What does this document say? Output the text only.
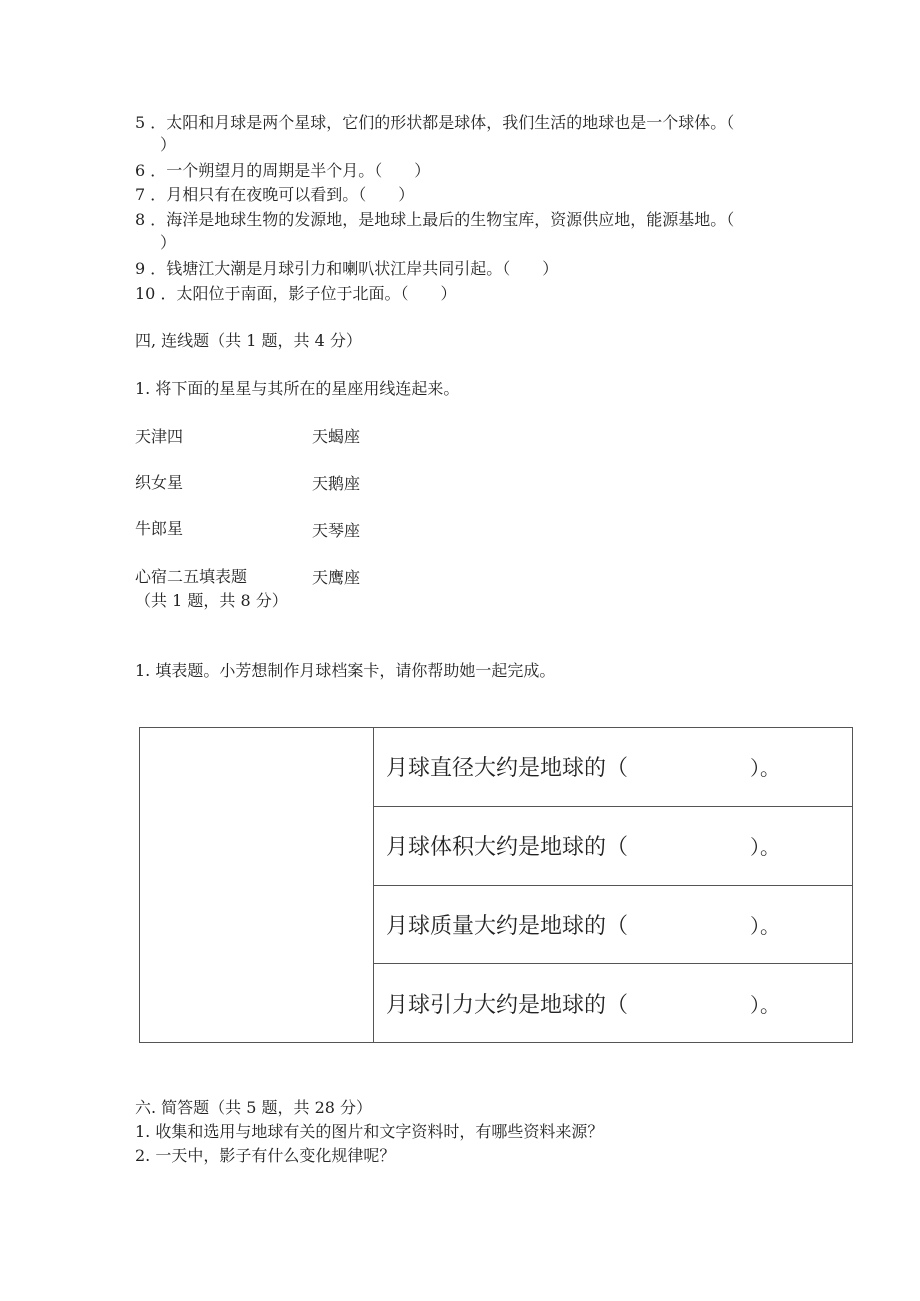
5 ．太阳和月球是两个星球，它们的形状都是球体，我们生活的地球也是一个球体。（
）
6 ．一个朔望月的周期是半个月。（　　）
7 ．月相只有在夜晚可以看到。（　　）
8 ．海洋是地球生物的发源地，是地球上最后的生物宝库，资源供应地，能源基地。（
）
9 ．钱塘江大潮是月球引力和喇叭状江岸共同引起。（　　）
10 ．太阳位于南面，影子位于北面。（　　）
四, 连线题（共 1 题，共 4 分）
1. 将下面的星星与其所在的星座用线连起来。
天津四	天蝎座
织女星	天鹅座
牛郎星	天琴座
心宿二五填表题	天鹰座
（共 1 题，共 8 分）
1. 填表题。小芳想制作月球档案卡，请你帮助她一起完成。
月球直径大约是地球的（	）。
月球体积大约是地球的（	）。
月球质量大约是地球的（	）。
月球引力大约是地球的（	）。
六. 简答题（共 5 题，共 28 分）
1. 收集和选用与地球有关的图片和文字资料时，有哪些资料来源？
2. 一天中，影子有什么变化规律呢？
